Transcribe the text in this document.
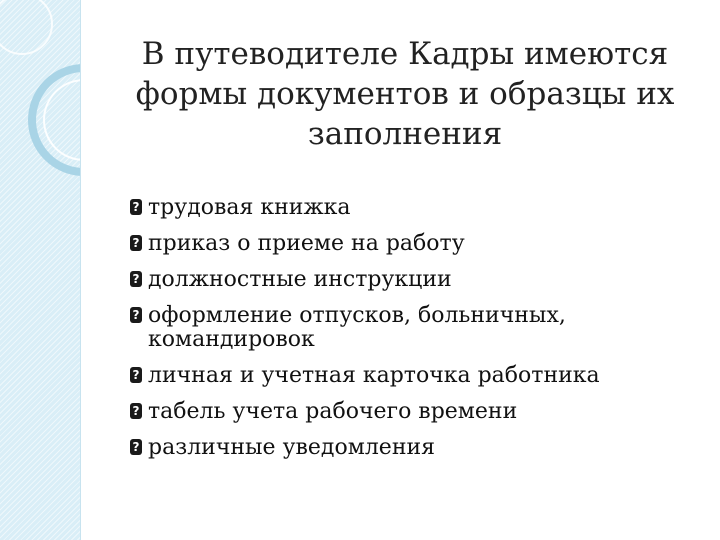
В путеводителе Кадры имеются формы документов и образцы их заполнения
? трудовая книжка
? приказ о приеме на работу
? должностные инструкции
? оформление отпусков, больничных, командировок
? личная и учетная карточка работника
? табель учета рабочего времени
? различные уведомления
